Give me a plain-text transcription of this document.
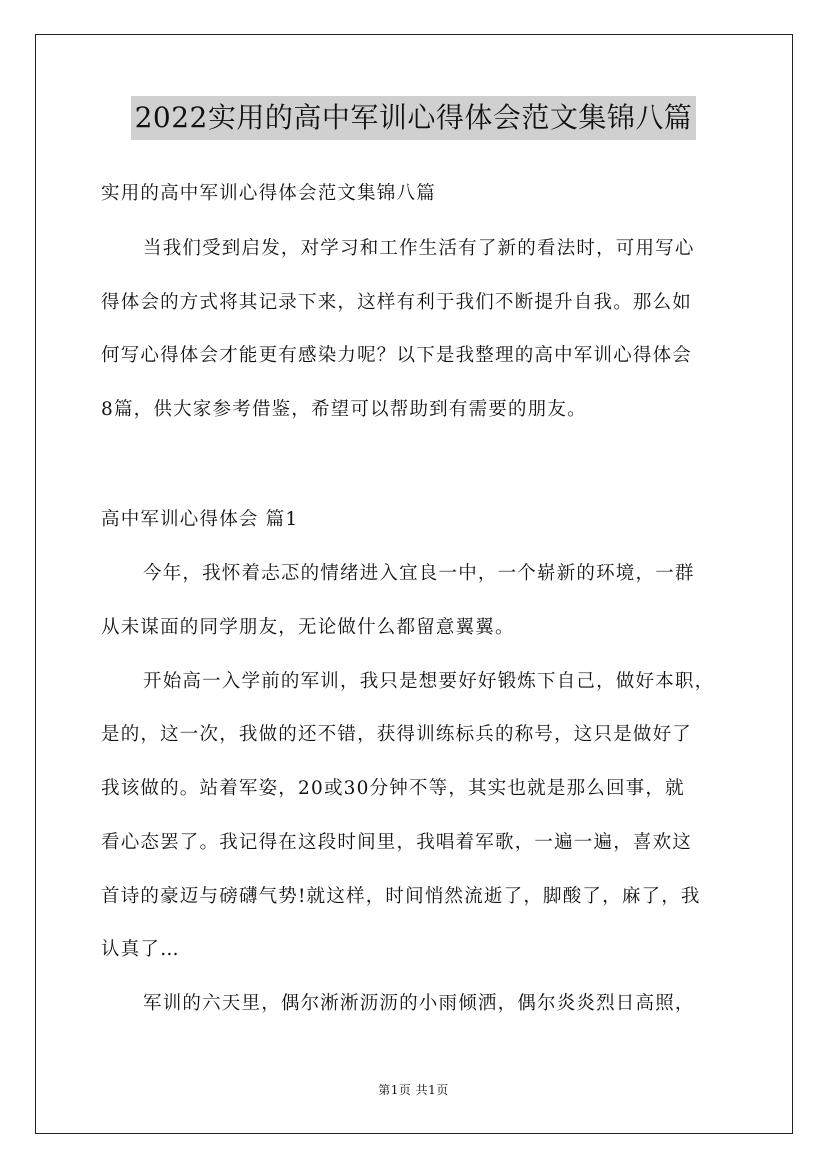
2022实用的高中军训心得体会范文集锦八篇
实用的高中军训心得体会范文集锦八篇
当我们受到启发，对学习和工作生活有了新的看法时，可用写心
得体会的方式将其记录下来，这样有利于我们不断提升自我。那么如
何写心得体会才能更有感染力呢？以下是我整理的高中军训心得体会
8篇，供大家参考借鉴，希望可以帮助到有需要的朋友。
高中军训心得体会 篇1
今年，我怀着忐忑的情绪进入宜良一中，一个崭新的环境，一群
从未谋面的同学朋友，无论做什么都留意翼翼。
开始高一入学前的军训，我只是想要好好锻炼下自己，做好本职，
是的，这一次，我做的还不错，获得训练标兵的称号，这只是做好了
我该做的。站着军姿，20或30分钟不等，其实也就是那么回事，就
看心态罢了。我记得在这段时间里，我唱着军歌，一遍一遍，喜欢这
首诗的豪迈与磅礴气势!就这样，时间悄然流逝了，脚酸了，麻了，我
认真了…
军训的六天里，偶尔淅淅沥沥的小雨倾洒，偶尔炎炎烈日高照，
第1页 共1页
